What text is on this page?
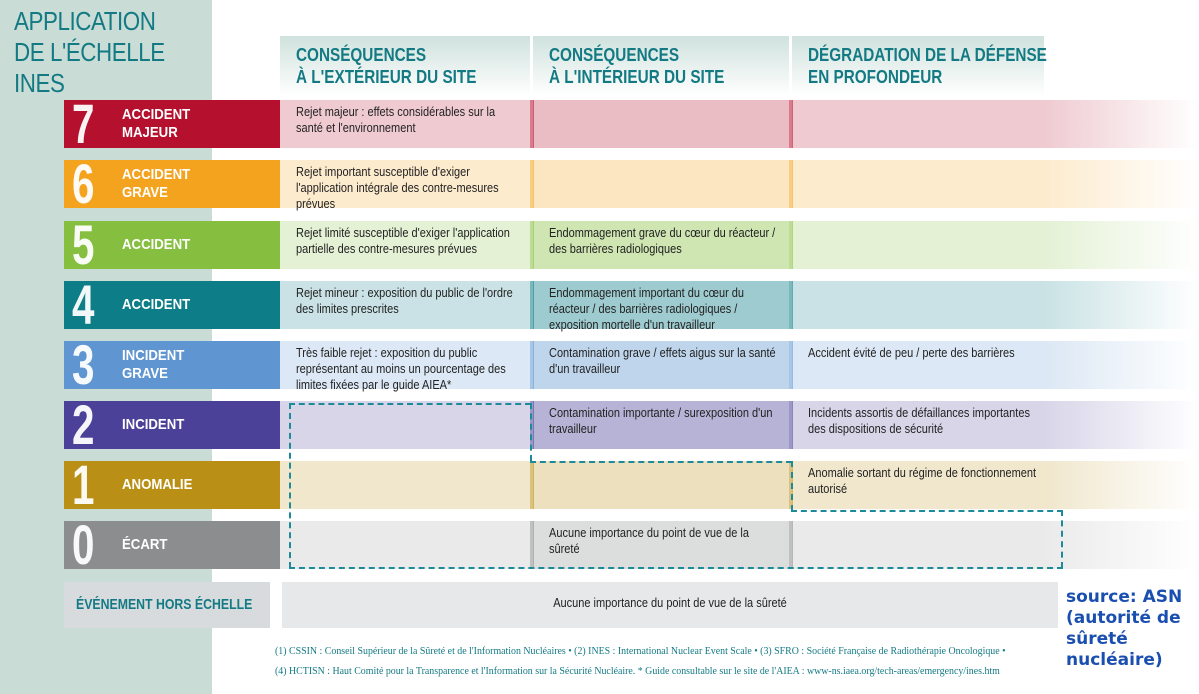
APPLICATION
DE L'ÉCHELLE INES
CONSÉQUENCES
À L'EXTÉRIEUR DU SITE
CONSÉQUENCES
À L'INTÉRIEUR DU SITE
DÉGRADATION DE LA DÉFENSE
EN PROFONDEUR
7 ACCIDENT
MAJEUR
Rejet majeur : effets considérables sur la santé et l'environnement
6 ACCIDENT
GRAVE
Rejet important susceptible d'exiger l'application intégrale des contre-mesures prévues
5 ACCIDENT
Rejet limité susceptible d'exiger l'application partielle des contre-mesures prévues
Endommagement grave du cœur du réacteur / des barrières radiologiques
4 ACCIDENT
Rejet mineur : exposition du public de l'ordre des limites prescrites
Endommagement important du cœur du réacteur / des barrières radiologiques / exposition mortelle d'un travailleur
3 INCIDENT
GRAVE
Très faible rejet : exposition du public représentant au moins un pourcentage des limites fixées par le guide AIEA*
Contamination grave / effets aigus sur la santé d'un travailleur
Accident évité de peu / perte des barrières
2 INCIDENT
Contamination importante / surexposition d'un travailleur
Incidents assortis de défaillances importantes des dispositions de sécurité
1 ANOMALIE
Anomalie sortant du régime de fonctionnement autorisé
0 ÉCART
Aucune importance du point de vue de la sûreté
ÉVÉNEMENT HORS ÉCHELLE	Aucune importance du point de vue de la sûreté
(1) CSSIN : Conseil Supérieur de la Sûreté et de l'Information Nucléaires • (2) INES : International Nuclear Event Scale • (3) SFRO : Société Française de Radiothérapie Oncologique •
(4) HCTISN : Haut Comité pour la Transparence et l'Information sur la Sécurité Nucléaire. * Guide consultable sur le site de l'AIEA : www-ns.iaea.org/tech-areas/emergency/ines.htm
source: ASN
(autorité de
sûreté
nucléaire)
